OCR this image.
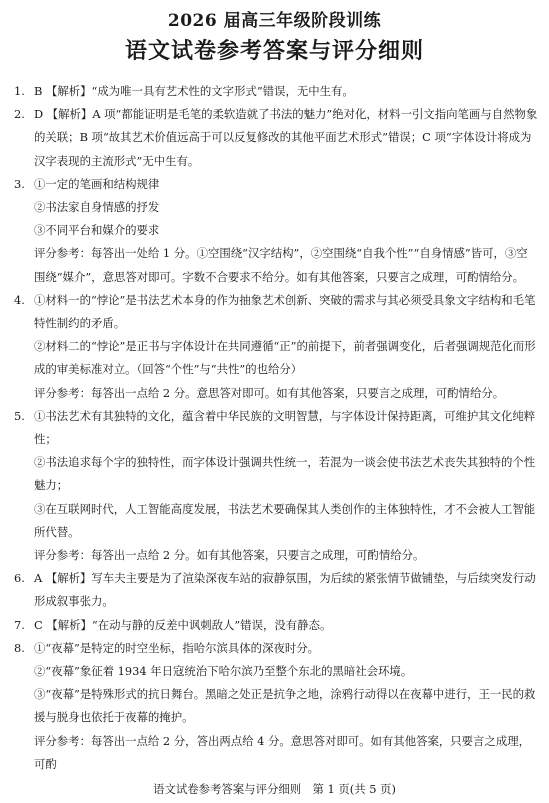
2026 届高三年级阶段训练
语文试卷参考答案与评分细则
1. B 【解析】“成为唯一具有艺术性的文字形式”错误，无中生有。
2. D 【解析】A 项“都能证明是毛笔的柔软造就了书法的魅力”绝对化，材料一引文指向笔画与自然物象的关联；B 项“故其艺术价值远高于可以反复修改的其他平面艺术形式”错误；C 项“字体设计将成为汉字表现的主流形式”无中生有。
3. ①一定的笔画和结构规律
②书法家自身情感的抒发
③不同平台和媒介的要求
评分参考：每答出一处给 1 分。①空围绕“汉字结构”，②空围绕“自我个性”“自身情感”皆可，③空围绕“媒介”，意思答对即可。字数不合要求不给分。如有其他答案，只要言之成理，可酌情给分。
4. ①材料一的“悖论”是书法艺术本身的作为抽象艺术创新、突破的需求与其必须受具象文字结构和毛笔特性制约的矛盾。
②材料二的“悖论”是正书与字体设计在共同遵循“正”的前提下，前者强调变化，后者强调规范化而形成的审美标准对立。（回答“个性”与“共性”的也给分）
评分参考：每答出一点给 2 分。意思答对即可。如有其他答案，只要言之成理，可酌情给分。
5. ①书法艺术有其独特的文化，蕴含着中华民族的文明智慧，与字体设计保持距离，可维护其文化纯粹性；
②书法追求每个字的独特性，而字体设计强调共性统一，若混为一谈会使书法艺术丧失其独特的个性魅力；
③在互联网时代，人工智能高度发展，书法艺术要确保其人类创作的主体独特性，才不会被人工智能所代替。
评分参考：每答出一点给 2 分。如有其他答案，只要言之成理，可酌情给分。
6. A 【解析】写车夫主要是为了渲染深夜车站的寂静氛围，为后续的紧张情节做铺垫，与后续突发行动形成叙事张力。
7. C 【解析】“在动与静的反差中讽刺敌人”错误，没有静态。
8. ①“夜幕”是特定的时空坐标，指哈尔滨具体的深夜时分。
②“夜幕”象征着 1934 年日寇统治下哈尔滨乃至整个东北的黑暗社会环境。
③“夜幕”是特殊形式的抗日舞台。黑暗之处正是抗争之地，涂鸦行动得以在夜幕中进行，王一民的救援与脱身也依托于夜幕的掩护。
评分参考：每答出一点给 2 分，答出两点给 4 分。意思答对即可。如有其他答案，只要言之成理，可酌
语文试卷参考答案与评分细则　第 1 页(共 5 页)
